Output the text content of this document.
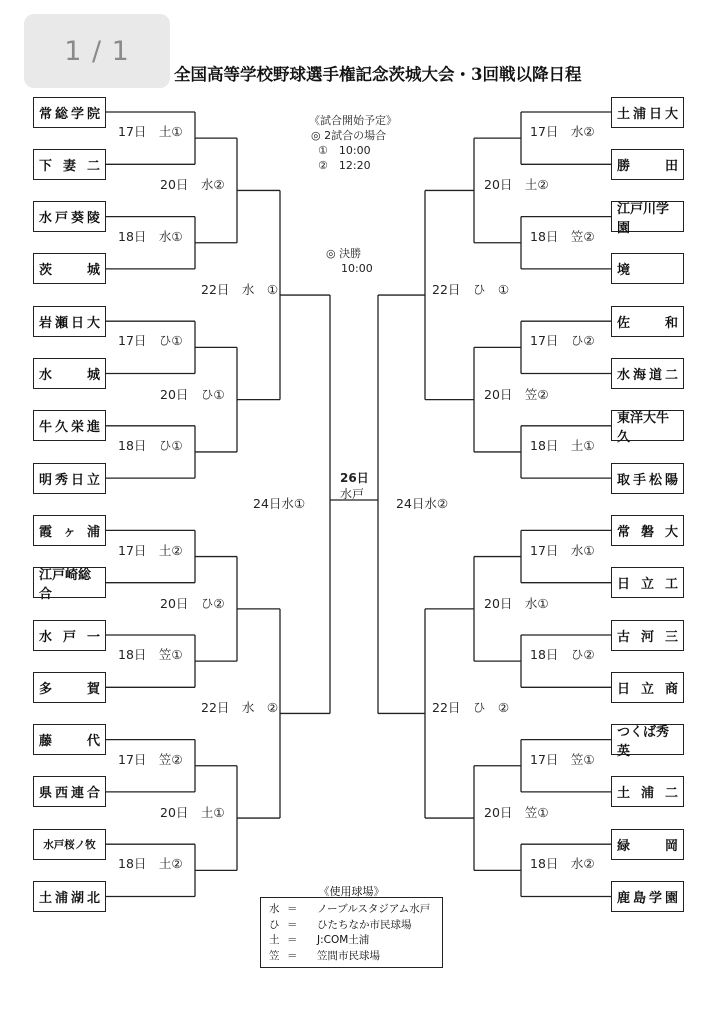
1 / 1
全国高等学校野球選手権記念茨城大会・3回戦以降日程
常 総 学 院
下 妻 二
水 戸 葵 陵
茨	城
岩 瀬 日 大
水	城
牛 久 栄 進
明 秀 日 立
霞 ヶ 浦
江戸崎総合
水 戸 一
多	賀
藤	代
県 西 連 合
水戸桜ノ牧
土 浦 湖 北
土 浦 日 大
勝	田
江戸川学園
境
佐	和
水 海 道 二
東洋大牛久
取 手 松 陽
常 磐 大
日 立 工
古 河 三
日 立 商
つくば秀英
土 浦 二
緑	岡
鹿 島 学 園
17日　土①	17日　水②
18日　水①	18日　笠②
17日　ひ①	17日　ひ②
18日　ひ①	18日　土①
17日　土②	17日　水①
18日　笠①	18日　ひ②
17日　笠②	17日　笠①
18日　土②	18日　水②
20日　水②	20日　土②
20日　ひ①	20日　笠②
20日　ひ②	20日　水①
20日　土①	20日　笠①
22日　水　①	22日　ひ　①
22日　水　②	22日　ひ　②
24日水①	24日水②
《試合開始予定》
◎ 2試合の場合
①　10:00
②　12:20
◎ 決勝
10:00
26日
水戸
《使用球場》
水 ＝	ノーブルスタジアム水戸
ひ ＝	ひたちなか市民球場
土 ＝	J:COM土浦
笠 ＝	笠間市民球場
